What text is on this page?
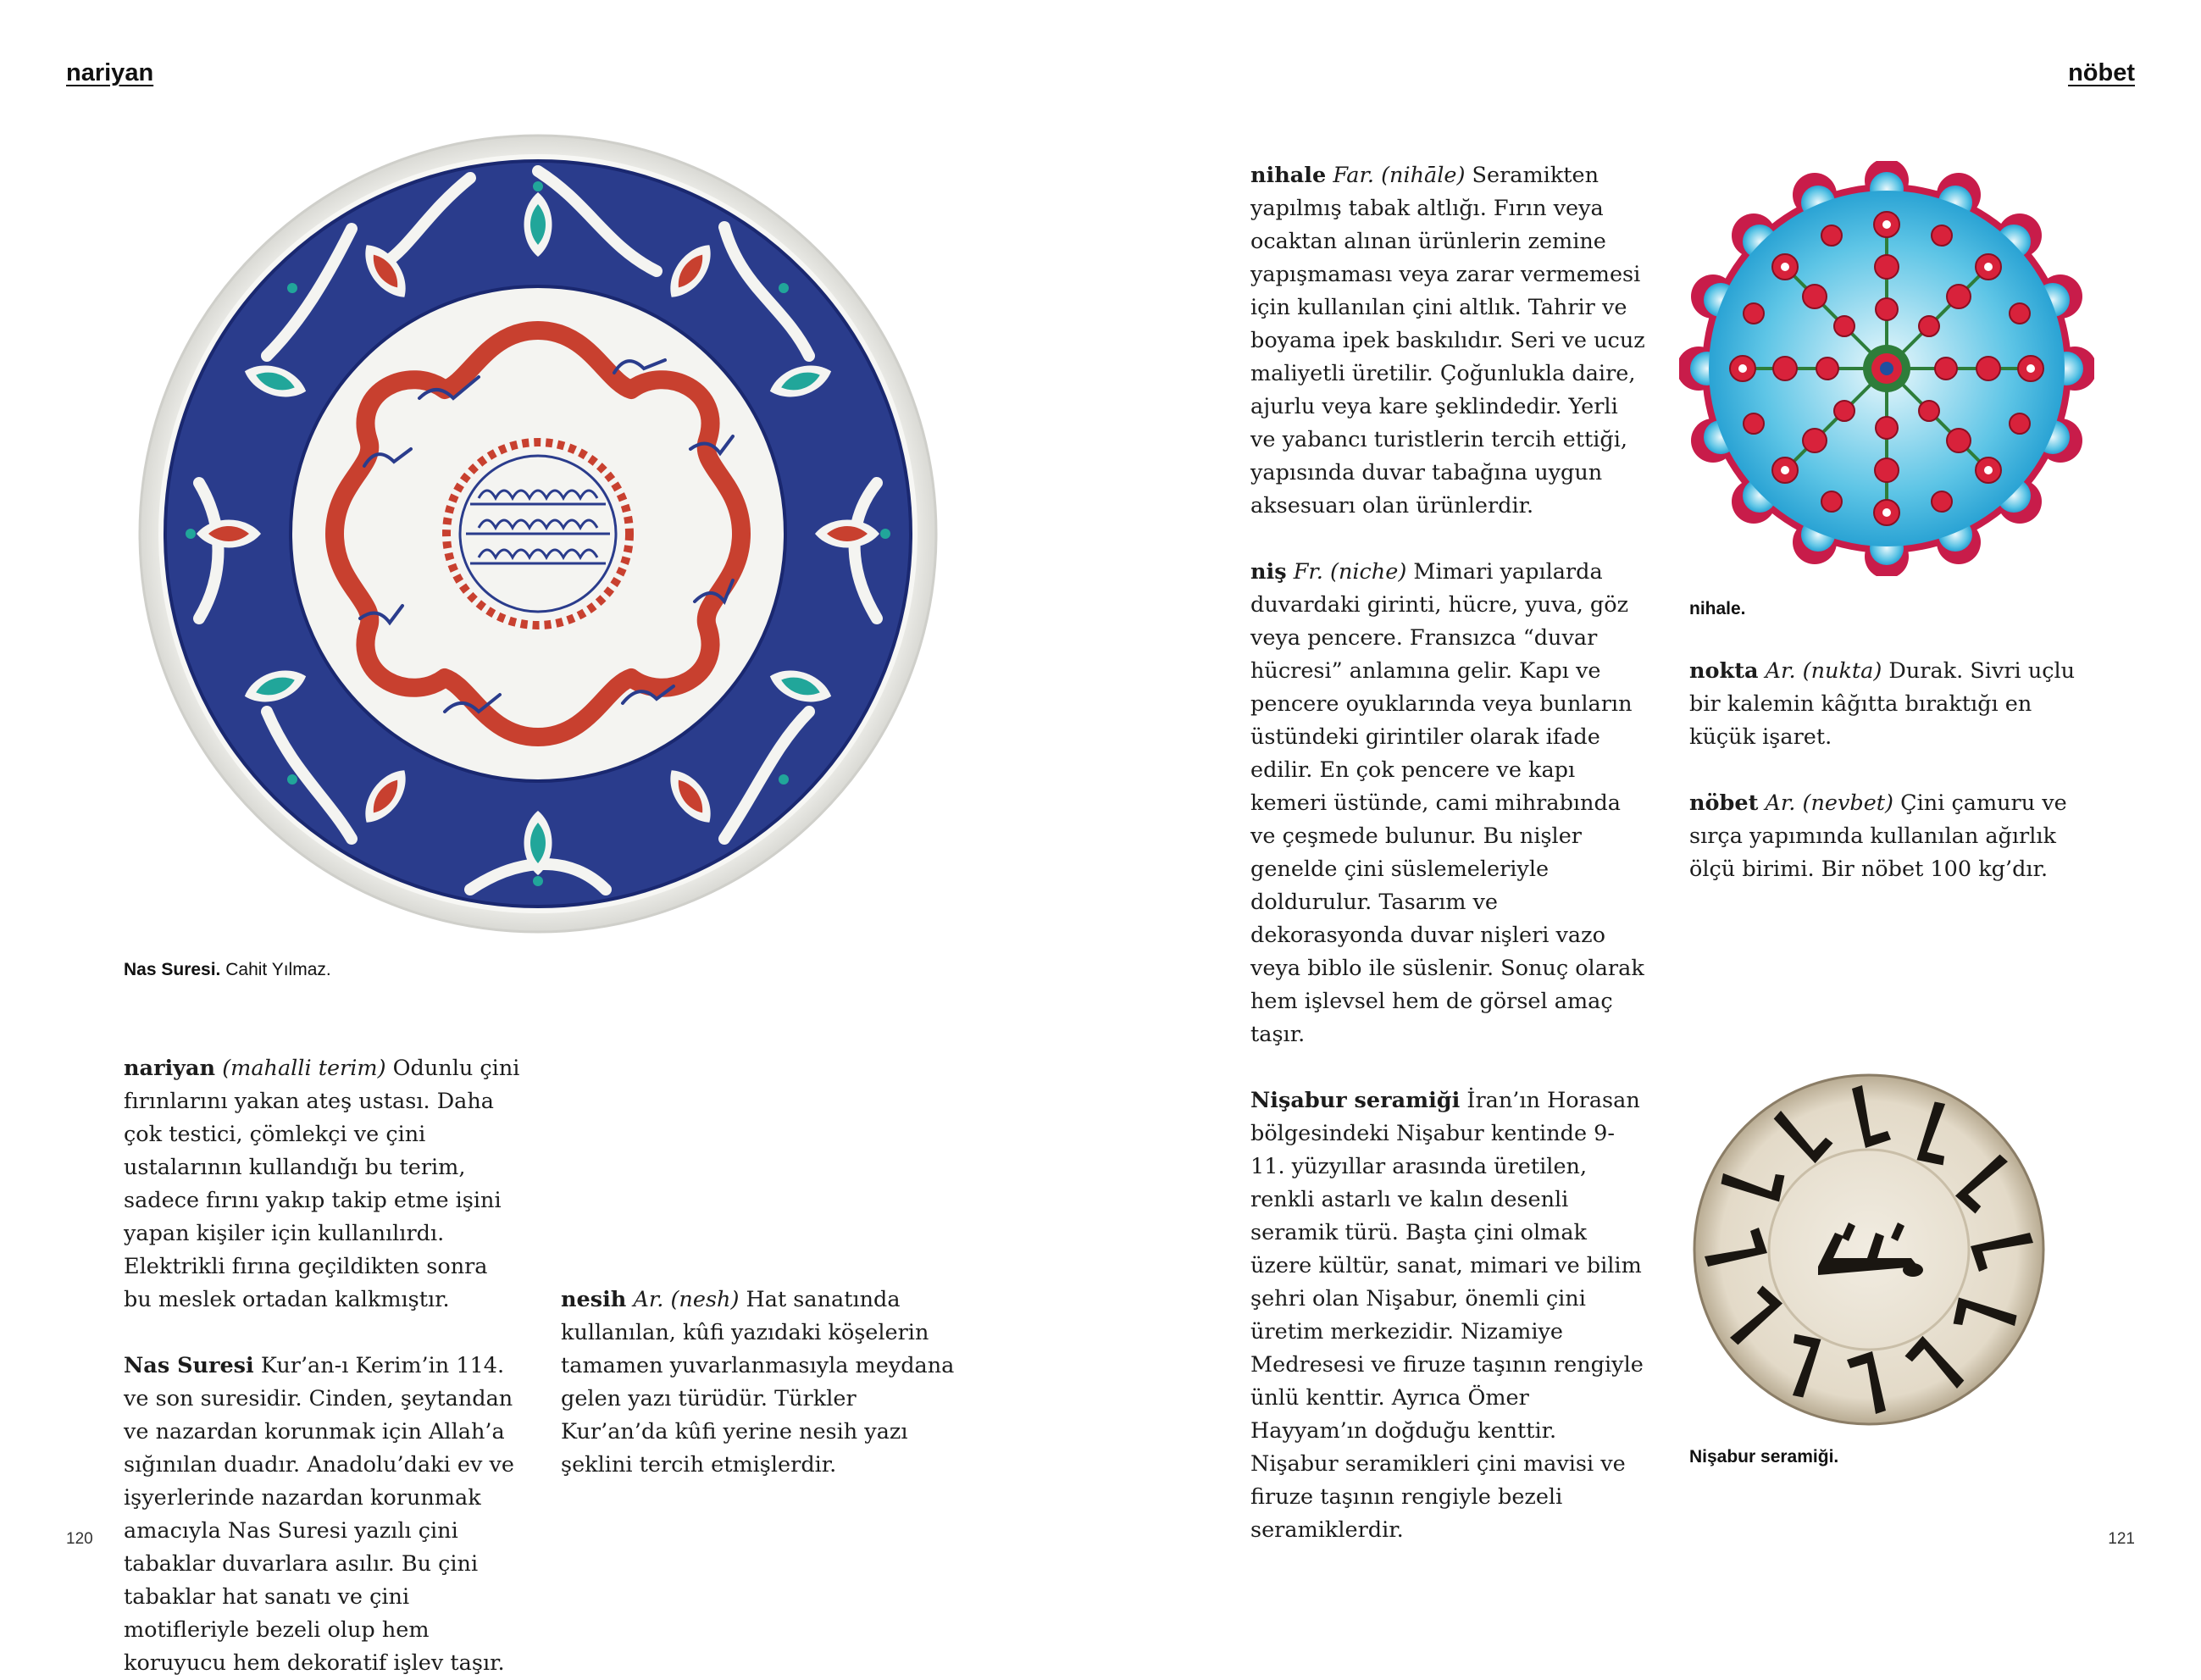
nariyan
Nas Suresi. Cahit Yılmaz.
nariyan (mahalli terim) Odunlu çini fırınlarını yakan ateş ustası. Daha çok testici, çömlekçi ve çini ustalarının kullandığı bu terim, sadece fırını yakıp takip etme işini yapan kişiler için kullanılırdı. Elektrikli fırına geçildikten sonra bu meslek ortadan kalkmıştır.
Nas Suresi Kur’an-ı Kerim’in 114. ve son suresidir. Cinden, şeytandan ve nazardan korunmak için Allah’a sığınılan duadır. Anadolu’daki ev ve işyerlerinde nazardan korunmak amacıyla Nas Suresi yazılı çini tabaklar duvarlara asılır. Bu çini tabaklar hat sanatı ve çini motifleriyle bezeli olup hem koruyucu hem dekoratif işlev taşır.
nesih Ar. (nesh) Hat sanatında kullanılan, kûfi yazıdaki köşelerin tamamen yuvarlanmasıyla meydana gelen yazı türüdür. Türkler Kur’an’da kûfi yerine nesih yazı şeklini tercih etmişlerdir.
120
nöbet
nihale Far. (nihāle) Seramikten yapılmış tabak altlığı. Fırın veya ocaktan alınan ürünlerin zemine yapışmaması veya zarar vermemesi için kullanılan çini altlık. Tahrir ve boyama ipek baskılıdır. Seri ve ucuz maliyetli üretilir. Çoğunlukla daire, ajurlu veya kare şeklindedir. Yerli ve yabancı turistlerin tercih ettiği, yapısında duvar tabağına uygun aksesuarı olan ürünlerdir.
niş Fr. (niche) Mimari yapılarda duvardaki girinti, hücre, yuva, göz veya pencere. Fransızca “duvar hücresi” anlamına gelir. Kapı ve pencere oyuklarında veya bunların üstündeki girintiler olarak ifade edilir. En çok pencere ve kapı kemeri üstünde, cami mihrabında ve çeşmede bulunur. Bu nişler genelde çini süslemeleriyle doldurulur. Tasarım ve dekorasyonda duvar nişleri vazo veya biblo ile süslenir. Sonuç olarak hem işlevsel hem de görsel amaç taşır.
Nişabur seramiği İran’ın Horasan bölgesindeki Nişabur kentinde 9-11. yüzyıllar arasında üretilen, renkli astarlı ve kalın desenli seramik türü. Başta çini olmak üzere kültür, sanat, mimari ve bilim şehri olan Nişabur, önemli çini üretim merkezidir. Nizamiye Medresesi ve firuze taşının rengiyle ünlü kenttir. Ayrıca Ömer Hayyam’ın doğduğu kenttir. Nişabur seramikleri çini mavisi ve firuze taşının rengiyle bezeli seramiklerdir.
nihale.
nokta Ar. (nukta) Durak. Sivri uçlu bir kalemin kâğıtta bıraktığı en küçük işaret.
nöbet Ar. (nevbet) Çini çamuru ve sırça yapımında kullanılan ağırlık ölçü birimi. Bir nöbet 100 kg’dır.
Nişabur seramiği.
121
